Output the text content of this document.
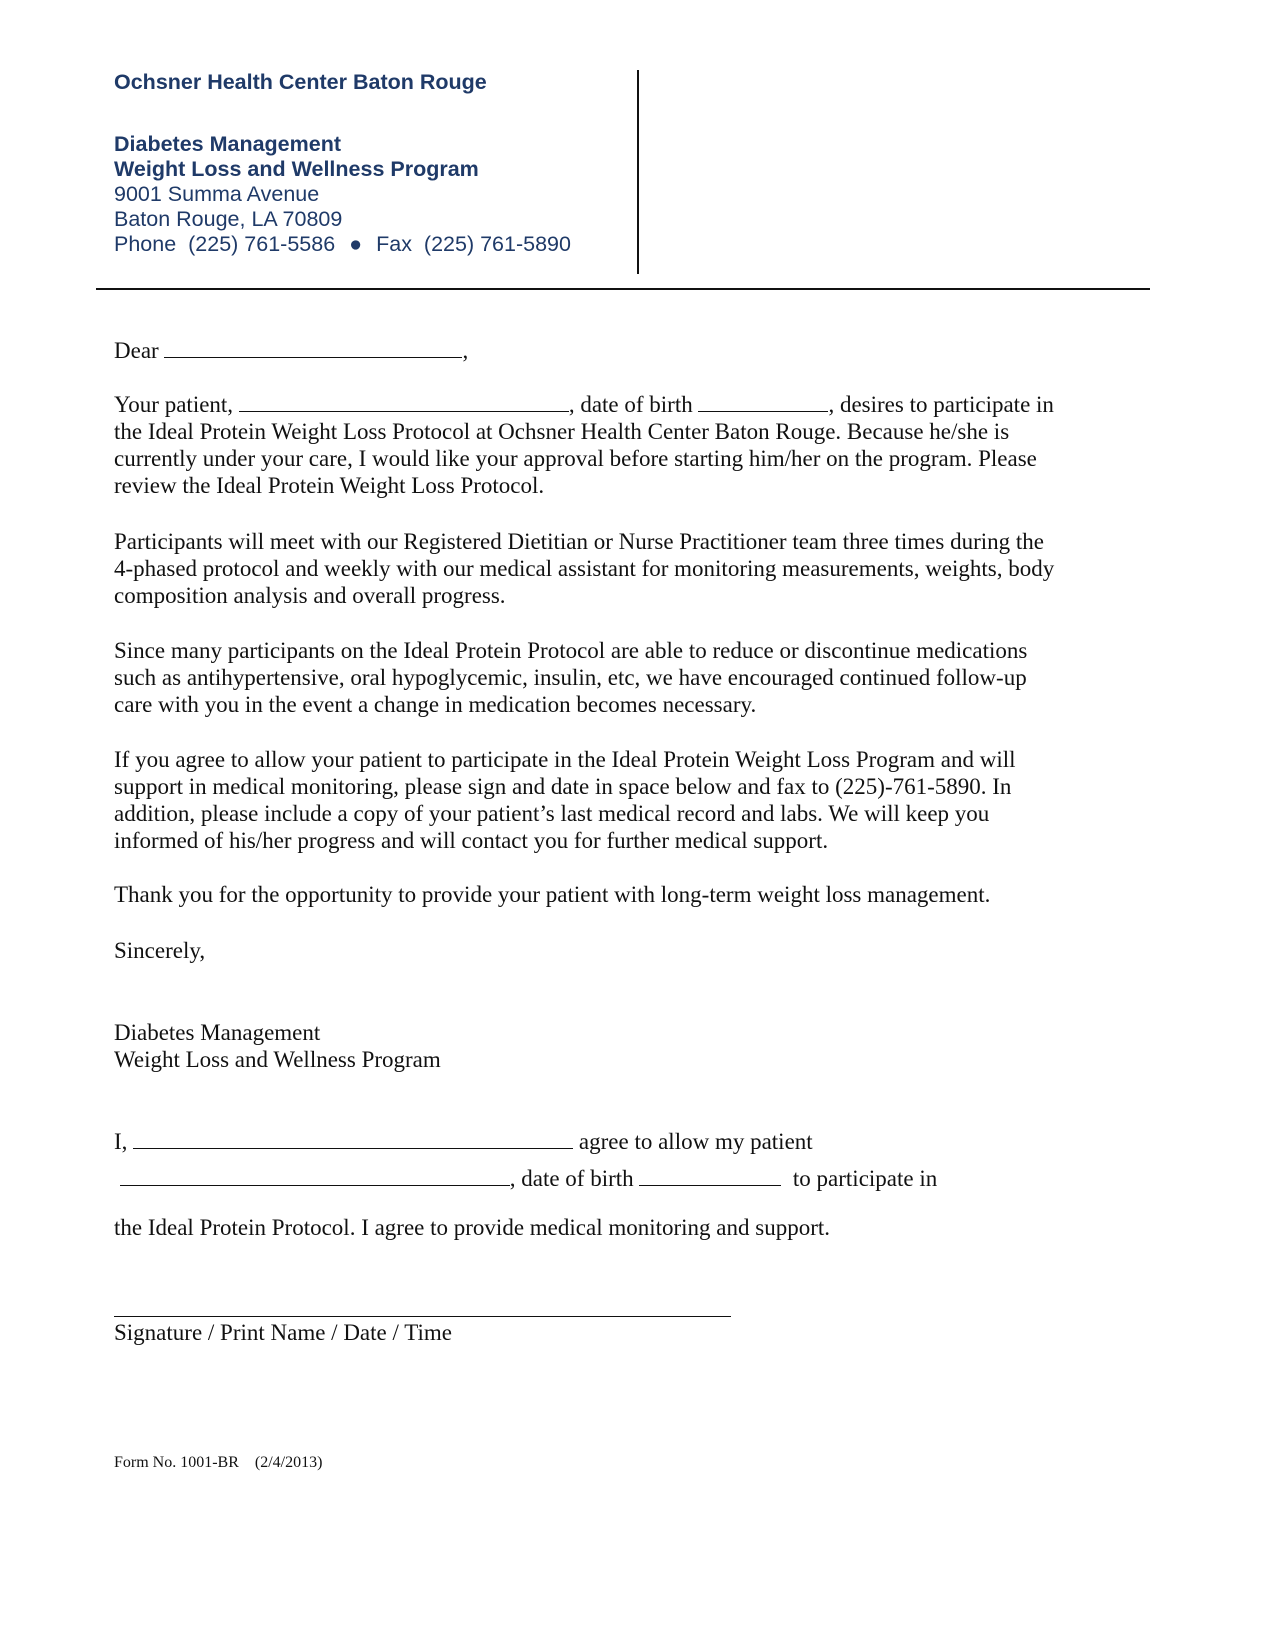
Ochsner Health Center Baton Rouge
Diabetes Management
Weight Loss and Wellness Program
9001 Summa Avenue
Baton Rouge, LA 70809
Phone (225) 761-5586 ● Fax (225) 761-5890

Dear	,

Your patient,	, date of birth	, desires to participate in

the Ideal Protein Weight Loss Protocol at Ochsner Health Center Baton Rouge. Because he/she is

currently under your care, I would like your approval before starting him/her on the program. Please

review the Ideal Protein Weight Loss Protocol.

Participants will meet with our Registered Dietitian or Nurse Practitioner team three times during the

4-phased protocol and weekly with our medical assistant for monitoring measurements, weights, body

composition analysis and overall progress.

Since many participants on the Ideal Protein Protocol are able to reduce or discontinue medications

such as antihypertensive, oral hypoglycemic, insulin, etc, we have encouraged continued follow-up

care with you in the event a change in medication becomes necessary.

If you agree to allow your patient to participate in the Ideal Protein Weight Loss Program and will

support in medical monitoring, please sign and date in space below and fax to (225)-761-5890. In

addition, please include a copy of your patient’s last medical record and labs. We will keep you

informed of his/her progress and will contact you for further medical support.

Thank you for the opportunity to provide your patient with long-term weight loss management.

Sincerely,

Diabetes Management

Weight Loss and Wellness Program

I,	agree to allow my patient

, date of birth	to participate in

the Ideal Protein Protocol. I agree to provide medical monitoring and support.

Signature / Print Name / Date / Time

Form No. 1001-BR (2/4/2013)
